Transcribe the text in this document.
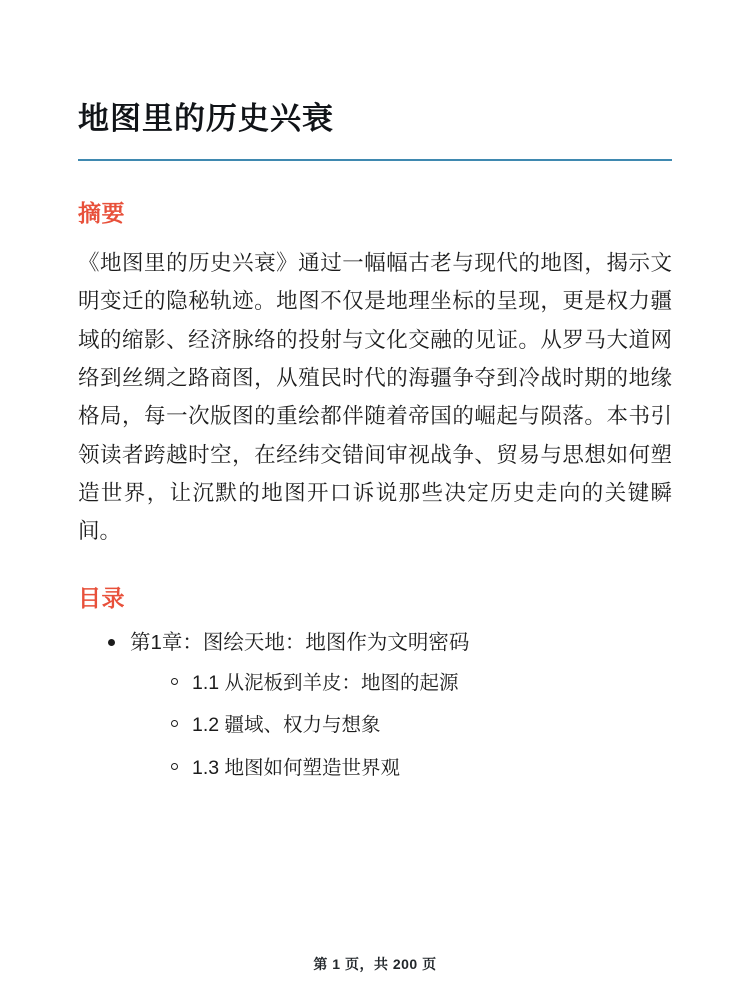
地图里的历史兴衰
摘要

《地图里的历史兴衰》通过一幅幅古老与现代的地图，揭示文明变迁的隐秘轨迹。地图不仅是地理坐标的呈现，更是权力疆域的缩影、经济脉络的投射与文化交融的见证。从罗马大道网络到丝绸之路商图，从殖民时代的海疆争夺到冷战时期的地缘格局，每一次版图的重绘都伴随着帝国的崛起与陨落。本书引领读者跨越时空，在经纬交错间审视战争、贸易与思想如何塑造世界，让沉默的地图开口诉说那些决定历史走向的关键瞬间。

目录
第1章：图绘天地：地图作为文明密码
1.1 从泥板到羊皮：地图的起源
1.2 疆域、权力与想象
1.3 地图如何塑造世界观
第 1 页，共 200 页
